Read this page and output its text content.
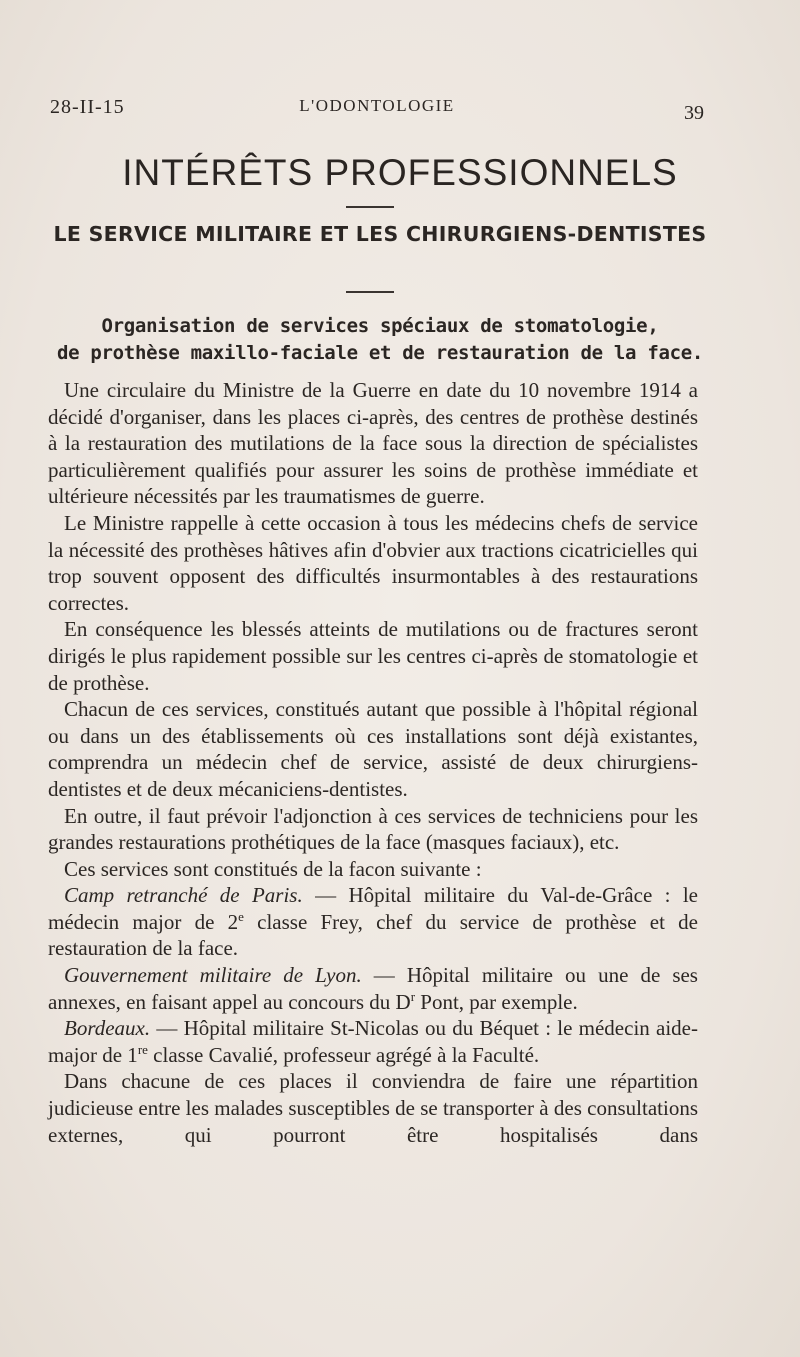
28-II-15	L'ODONTOLOGIE	39
INTÉRÊTS PROFESSIONNELS
LE SERVICE MILITAIRE ET LES CHIRURGIENS-DENTISTES
Organisation de services spéciaux de stomatologie,
de prothèse maxillo-faciale et de restauration de la face.

Une circulaire du Ministre de la Guerre en date du 10 novembre 1914 a décidé d'organiser, dans les places ci-après, des centres de prothèse destinés à la restauration des mutilations de la face sous la direction de spécialistes particulièrement qualifiés pour assurer les soins de prothèse immédiate et ultérieure nécessités par les traumatismes de guerre.

Le Ministre rappelle à cette occasion à tous les médecins chefs de service la nécessité des prothèses hâtives afin d'obvier aux tractions cicatricielles qui trop souvent opposent des difficultés insurmontables à des restaurations correctes.

En conséquence les blessés atteints de mutilations ou de fractures seront dirigés le plus rapidement possible sur les centres ci-après de stomatologie et de prothèse.

Chacun de ces services, constitués autant que possible à l'hôpital régional ou dans un des établissements où ces installations sont déjà existantes, comprendra un médecin chef de service, assisté de deux chirurgiens-dentistes et de deux mécaniciens-dentistes.

En outre, il faut prévoir l'adjonction à ces services de techniciens pour les grandes restaurations prothétiques de la face (masques faciaux), etc.

Ces services sont constitués de la facon suivante :

Camp retranché de Paris. — Hôpital militaire du Val-de-Grâce : le médecin major de 2e classe Frey, chef du service de prothèse et de restauration de la face.

Gouvernement militaire de Lyon. — Hôpital militaire ou une de ses annexes, en faisant appel au concours du $D^r$ Pont, par exemple.

Bordeaux. — Hôpital militaire St-Nicolas ou du Béquet : le médecin aide-major de 1re classe Cavalié, professeur agrégé à la Faculté.

Dans chacune de ces places il conviendra de faire une répartition judicieuse entre les malades susceptibles de se transporter à des consultations externes, qui pourront être hospitalisés dans
